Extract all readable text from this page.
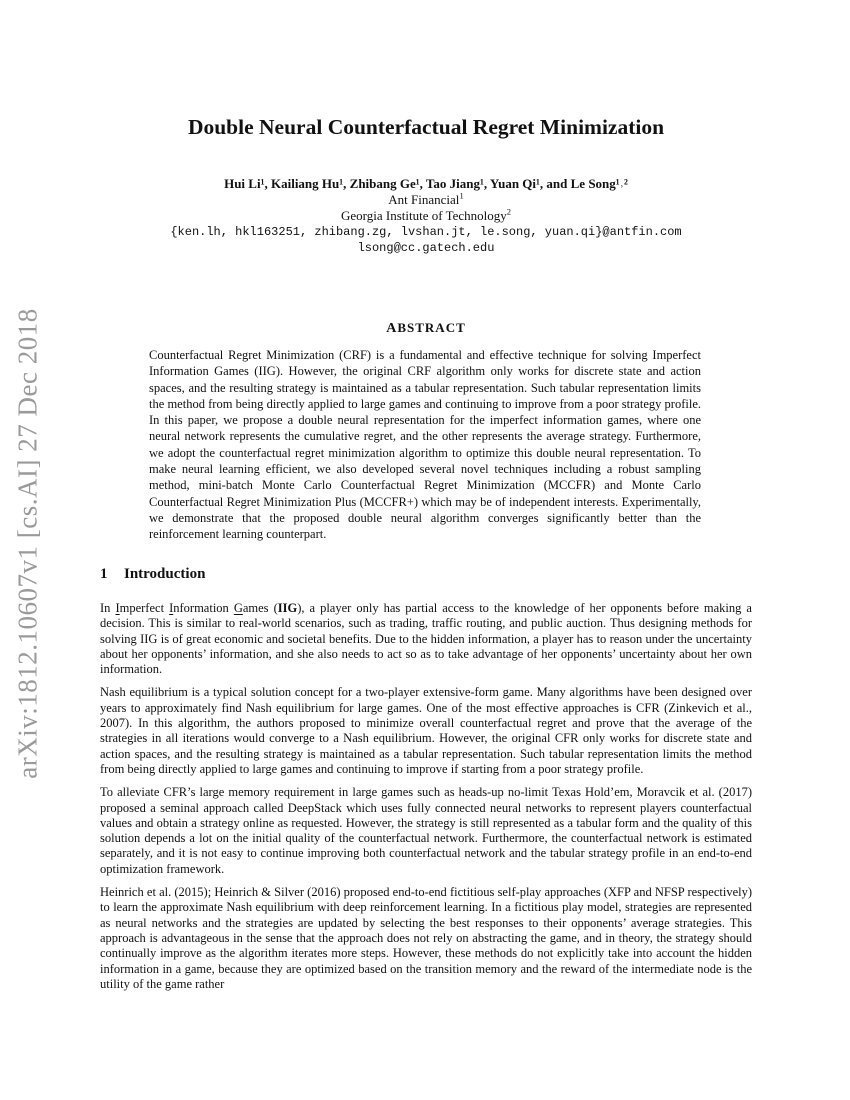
arXiv:1812.10607v1 [cs.AI] 27 Dec 2018
Double Neural Counterfactual Regret Minimization
Hui Li¹, Kailiang Hu¹, Zhibang Ge¹, Tao Jiang¹, Yuan Qi¹, and Le Song¹˒²
Ant Financial$^1$
Georgia Institute of Technology$^2$
{ken.lh, hkl163251, zhibang.zg, lvshan.jt, le.song, yuan.qi}@antfin.com
lsong@cc.gatech.edu
ABSTRACT
Counterfactual Regret Minimization (CRF) is a fundamental and effective technique for solving Imperfect Information Games (IIG). However, the original CRF algorithm only works for discrete state and action spaces, and the resulting strategy is maintained as a tabular representation. Such tabular representation limits the method from being directly applied to large games and continuing to improve from a poor strategy profile. In this paper, we propose a double neural representation for the imperfect information games, where one neural network represents the cumulative regret, and the other represents the average strategy. Furthermore, we adopt the counterfactual regret minimization algorithm to optimize this double neural representation. To make neural learning efficient, we also developed several novel techniques including a robust sampling method, mini-batch Monte Carlo Counterfactual Regret Minimization (MCCFR) and Monte Carlo Counterfactual Regret Minimization Plus (MCCFR+) which may be of independent interests. Experimentally, we demonstrate that the proposed double neural algorithm converges significantly better than the reinforcement learning counterpart.
1 Introduction

In Imperfect Information Games (IIG), a player only has partial access to the knowledge of her opponents before making a decision. This is similar to real-world scenarios, such as trading, traffic routing, and public auction. Thus designing methods for solving IIG is of great economic and societal benefits. Due to the hidden information, a player has to reason under the uncertainty about her opponents’ information, and she also needs to act so as to take advantage of her opponents’ uncertainty about her own information.

Nash equilibrium is a typical solution concept for a two-player extensive-form game. Many algorithms have been designed over years to approximately find Nash equilibrium for large games. One of the most effective approaches is CFR (Zinkevich et al., 2007). In this algorithm, the authors proposed to minimize overall counterfactual regret and prove that the average of the strategies in all iterations would converge to a Nash equilibrium. However, the original CFR only works for discrete state and action spaces, and the resulting strategy is maintained as a tabular representation. Such tabular representation limits the method from being directly applied to large games and continuing to improve if starting from a poor strategy profile.

To alleviate CFR’s large memory requirement in large games such as heads-up no-limit Texas Hold’em, Moravcik et al. (2017) proposed a seminal approach called DeepStack which uses fully connected neural networks to represent players counterfactual values and obtain a strategy online as requested. However, the strategy is still represented as a tabular form and the quality of this solution depends a lot on the initial quality of the counterfactual network. Furthermore, the counterfactual network is estimated separately, and it is not easy to continue improving both counterfactual network and the tabular strategy profile in an end-to-end optimization framework.

Heinrich et al. (2015); Heinrich & Silver (2016) proposed end-to-end fictitious self-play approaches (XFP and NFSP respectively) to learn the approximate Nash equilibrium with deep reinforcement learning. In a fictitious play model, strategies are represented as neural networks and the strategies are updated by selecting the best responses to their opponents’ average strategies. This approach is advantageous in the sense that the approach does not rely on abstracting the game, and in theory, the strategy should continually improve as the algorithm iterates more steps. However, these methods do not explicitly take into account the hidden information in a game, because they are optimized based on the transition memory and the reward of the intermediate node is the utility of the game rather
